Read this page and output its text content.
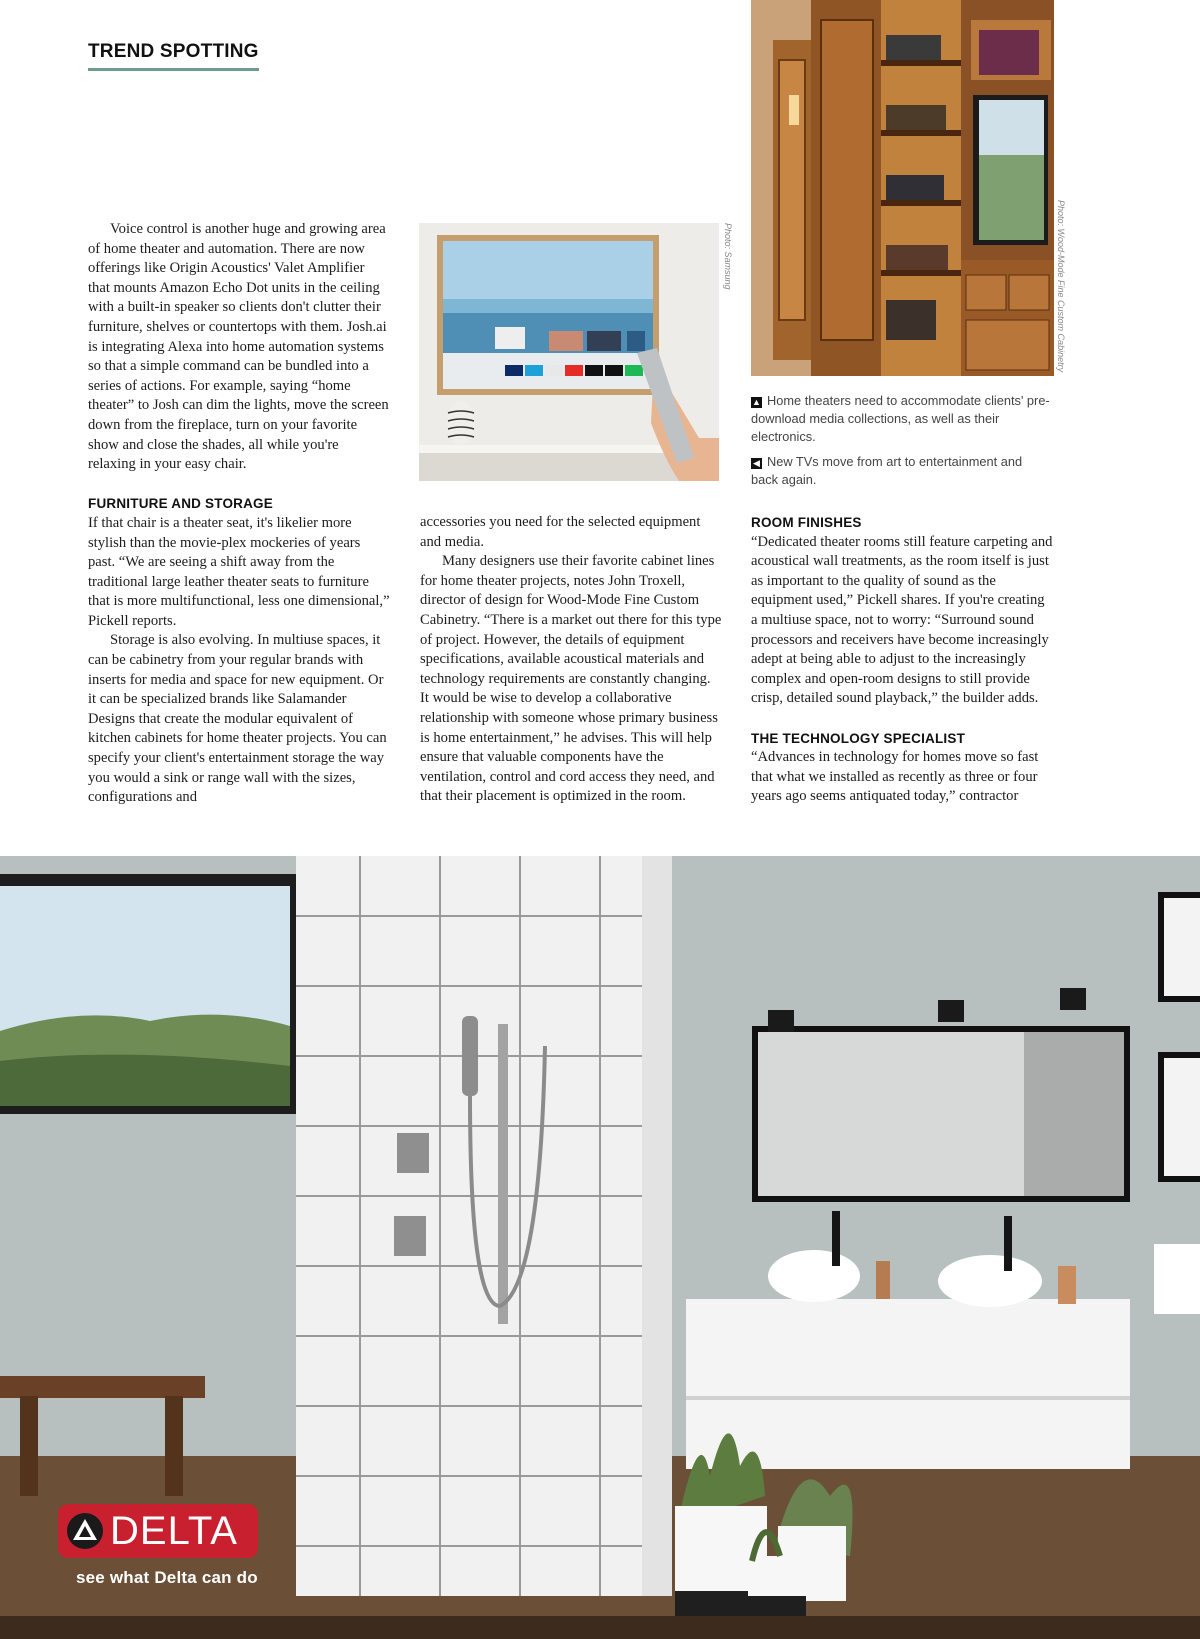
TREND SPOTTING
Photo: Wood-Mode Fine Custom Cabinetry
Photo: Samsung
▲ Home theaters need to accommodate clients' pre-download media collections, as well as their electronics.
◀ New TVs move from art to entertainment and back again.

Voice control is another huge and growing area of home theater and automation. There are now offerings like Origin Acoustics' Valet Amplifier that mounts Amazon Echo Dot units in the ceiling with a built-in speaker so clients don't clutter their furniture, shelves or countertops with them. Josh.ai is integrating Alexa into home automation systems so that a simple command can be bundled into a series of actions. For example, saying “home theater” to Josh can dim the lights, move the screen down from the fireplace, turn on your favorite show and close the shades, all while you're relaxing in your easy chair.

FURNITURE AND STORAGE

If that chair is a theater seat, it's likelier more stylish than the movie-plex mockeries of years past. “We are seeing a shift away from the traditional large leather theater seats to furniture that is more multifunctional, less one dimensional,” Pickell reports.

Storage is also evolving. In multiuse spaces, it can be cabinetry from your regular brands with inserts for media and space for new equipment. Or it can be specialized brands like Salamander Designs that create the modular equivalent of kitchen cabinets for home theater projects. You can specify your client's entertainment storage the way you would a sink or range wall with the sizes, configurations and

accessories you need for the selected equipment and media.

Many designers use their favorite cabinet lines for home theater projects, notes John Troxell, director of design for Wood-Mode Fine Custom Cabinetry. “There is a market out there for this type of project. However, the details of equipment specifications, available acoustical materials and technology requirements are constantly changing. It would be wise to develop a collaborative relationship with someone whose primary business is home entertainment,” he advises. This will help ensure that valuable components have the ventilation, control and cord access they need, and that their placement is optimized in the room.

ROOM FINISHES

“Dedicated theater rooms still feature carpeting and acoustical wall treatments, as the room itself is just as important to the quality of sound as the equipment used,” Pickell shares. If you're creating a multiuse space, not to worry: “Surround sound processors and receivers have become increasingly adept at being able to adjust to the increasingly complex and open-room designs to still provide crisp, detailed sound playback,” the builder adds.

THE TECHNOLOGY SPECIALIST

“Advances in technology for homes move so fast that what we installed as recently as three or four years ago seems antiquated today,” contractor

DELTA
see what Delta can do
